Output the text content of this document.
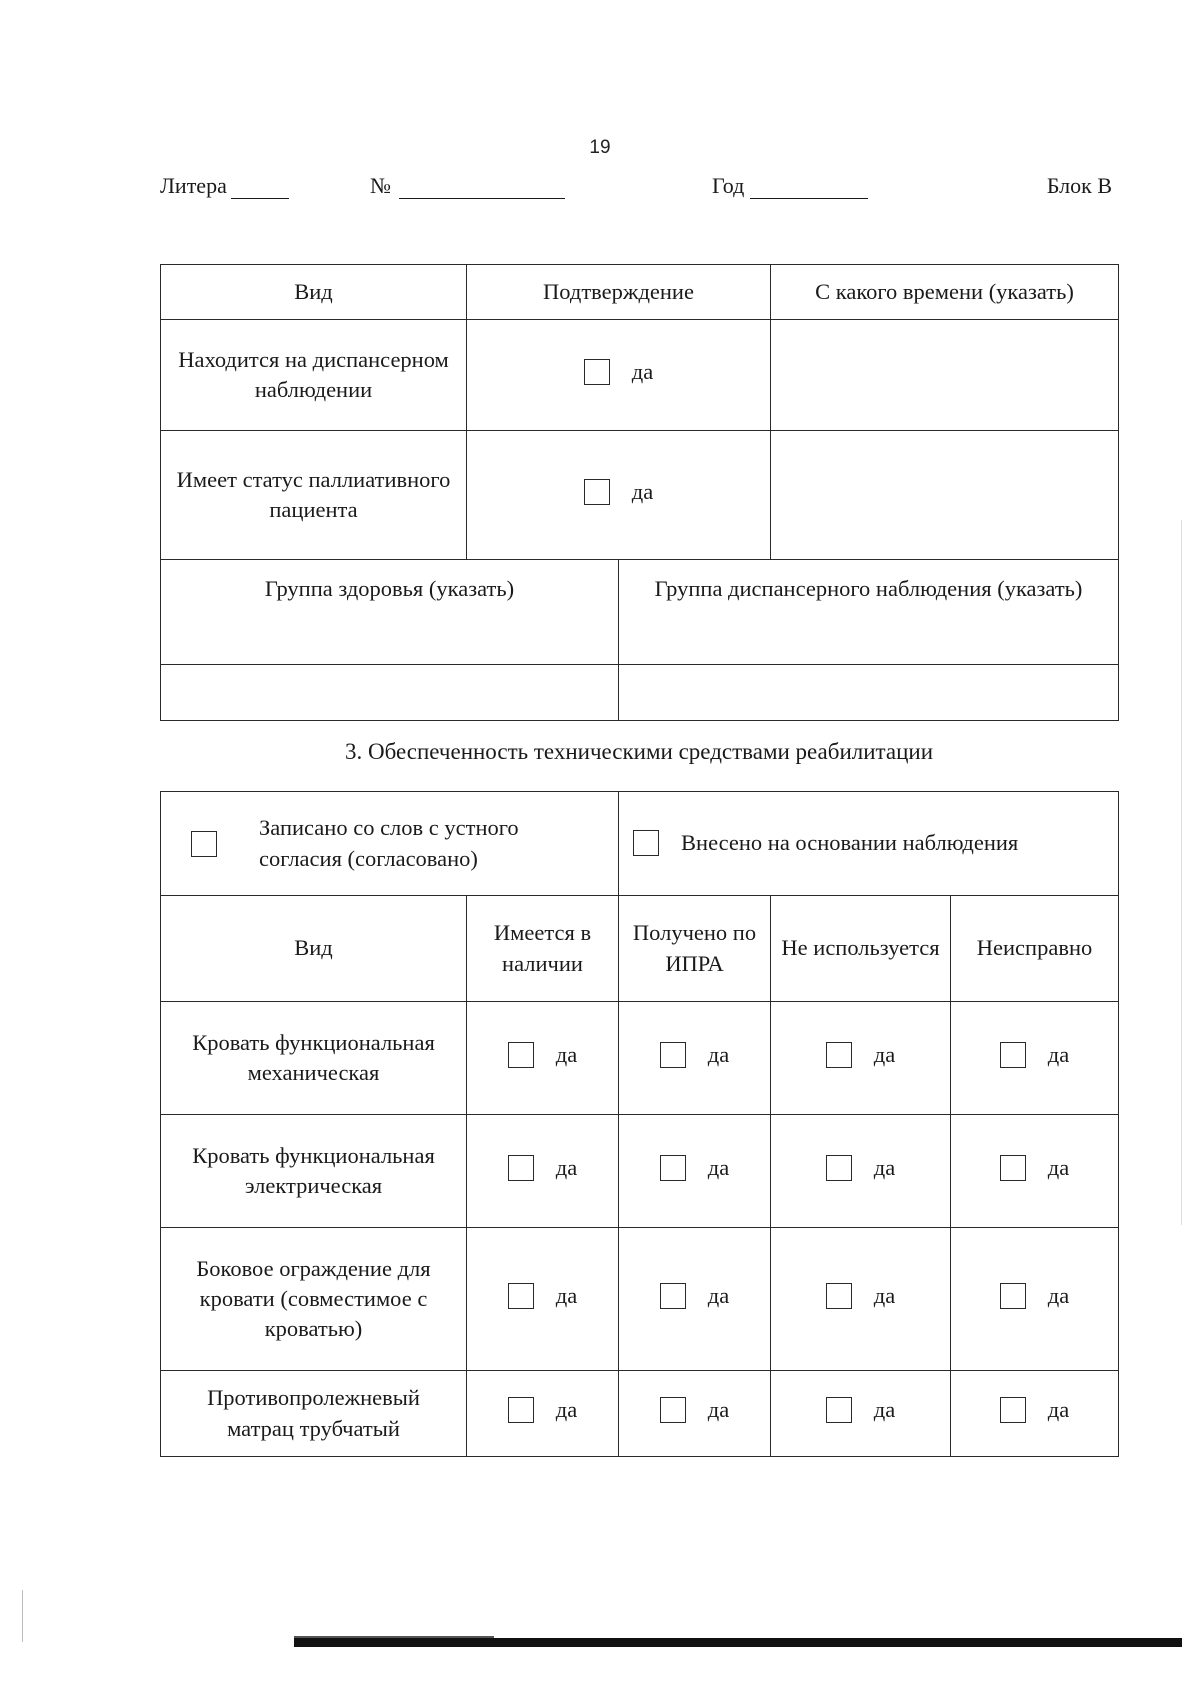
19
Литера	№	Год	Блок В
Вид	Подтверждение		С какого времени (указать)
Находится на диспансерном наблюдении	да		

Имеет статус паллиативного пациента	да		

Группа здоровья (указать)		Группа диспансерного наблюдения (указать)	

3. Обеспеченность техническими средствами реабилитации
Записано со слов с устного согласия (согласовано)		Внесено на основании наблюдения		

Вид	Имеется в наличии	Получено по ИПРА	Не используется	Неисправно
Кровать функциональная механическая	да	да	да	да

Кровать функциональная электрическая	да	да	да	да

Боковое ограждение для кровати (совместимое с кроватью)	да	да	да	да

Противопролежневый матрац трубчатый	да	да	да	да
